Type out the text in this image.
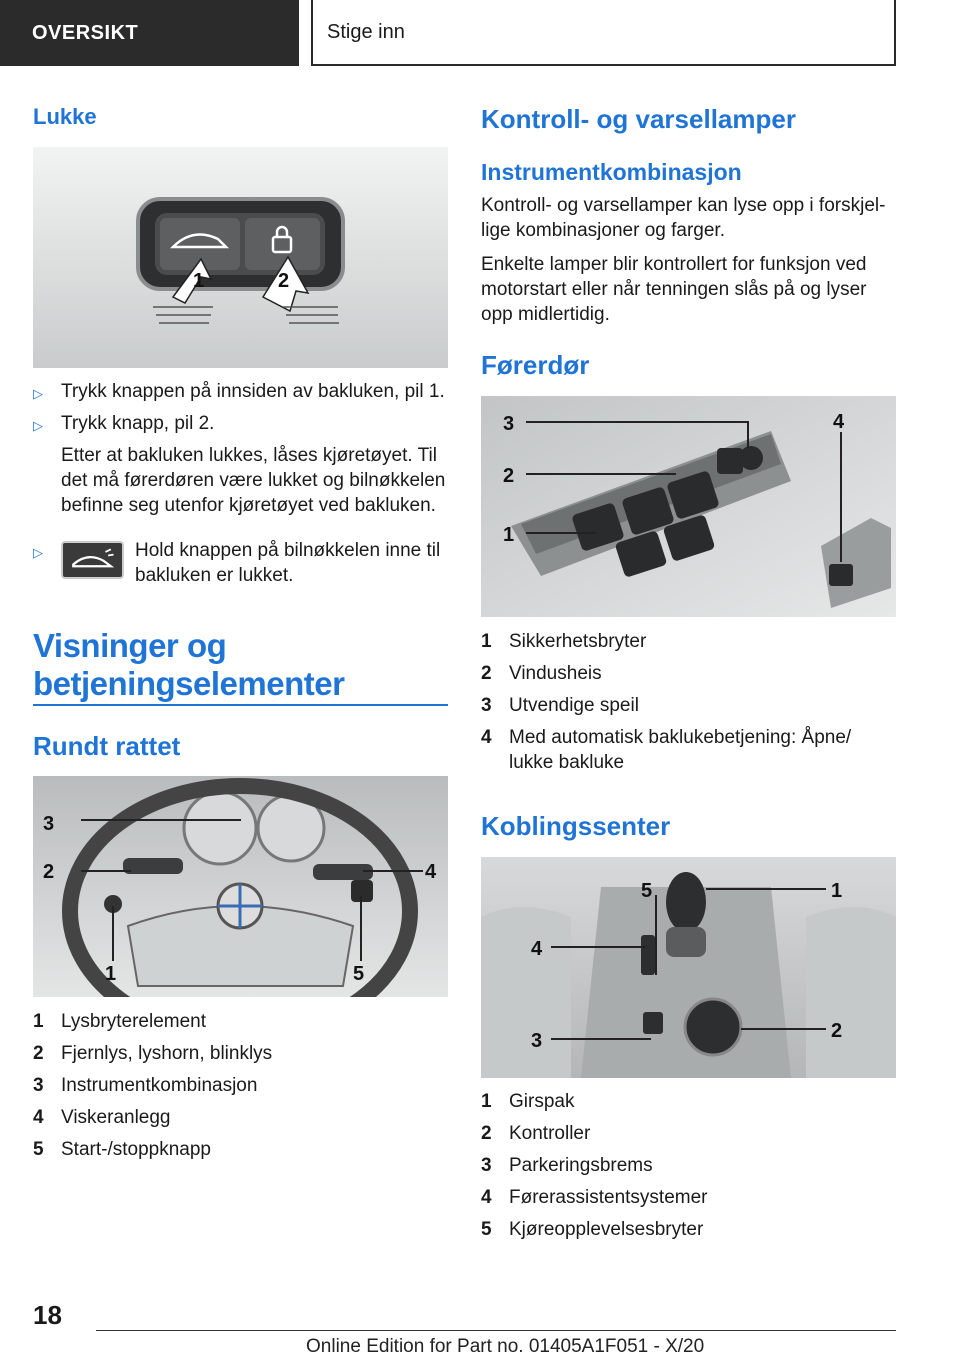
OVERSIKT	Stige inn
Lukke
1	2
▷ Trykk knappen på innsiden av bakluken, pil 1.
▷ Trykk knapp, pil 2.
Etter at bakluken lukkes, låses kjøretøyet. Til
det må førerdøren være lukket og bilnøkkelen
befinne seg utenfor kjøretøyet ved bakluken.
▷	Hold knappen på bilnøkkelen inne til
bakluken er lukket.
Visninger og
betjeningselementer
Rundt rattet
3
2
1
4
5
1 Lysbryterelement
2 Fjernlys, lyshorn, blinklys
3 Instrumentkombinasjon
4 Viskeranlegg
5 Start-/stoppknapp
Kontroll- og varsellamper
Instrumentkombinasjon
Kontroll- og varsellamper kan lyse opp i forskjel-
lige kombinasjoner og farger.
Enkelte lamper blir kontrollert for funksjon ved
motorstart eller når tenningen slås på og lyser
opp midlertidig.
Førerdør
3
2
1
4
1 Sikkerhetsbryter
2 Vindusheis
3 Utvendige speil
4 Med automatisk baklukebetjening: Åpne/
lukke bakluke
Koblingssenter
1
2
3
4
5
1 Girspak
2 Kontroller
3 Parkeringsbrems
4 Førerassistentsystemer
5 Kjøreopplevelsesbryter
18
Online Edition for Part no. 01405A1F051 - X/20
